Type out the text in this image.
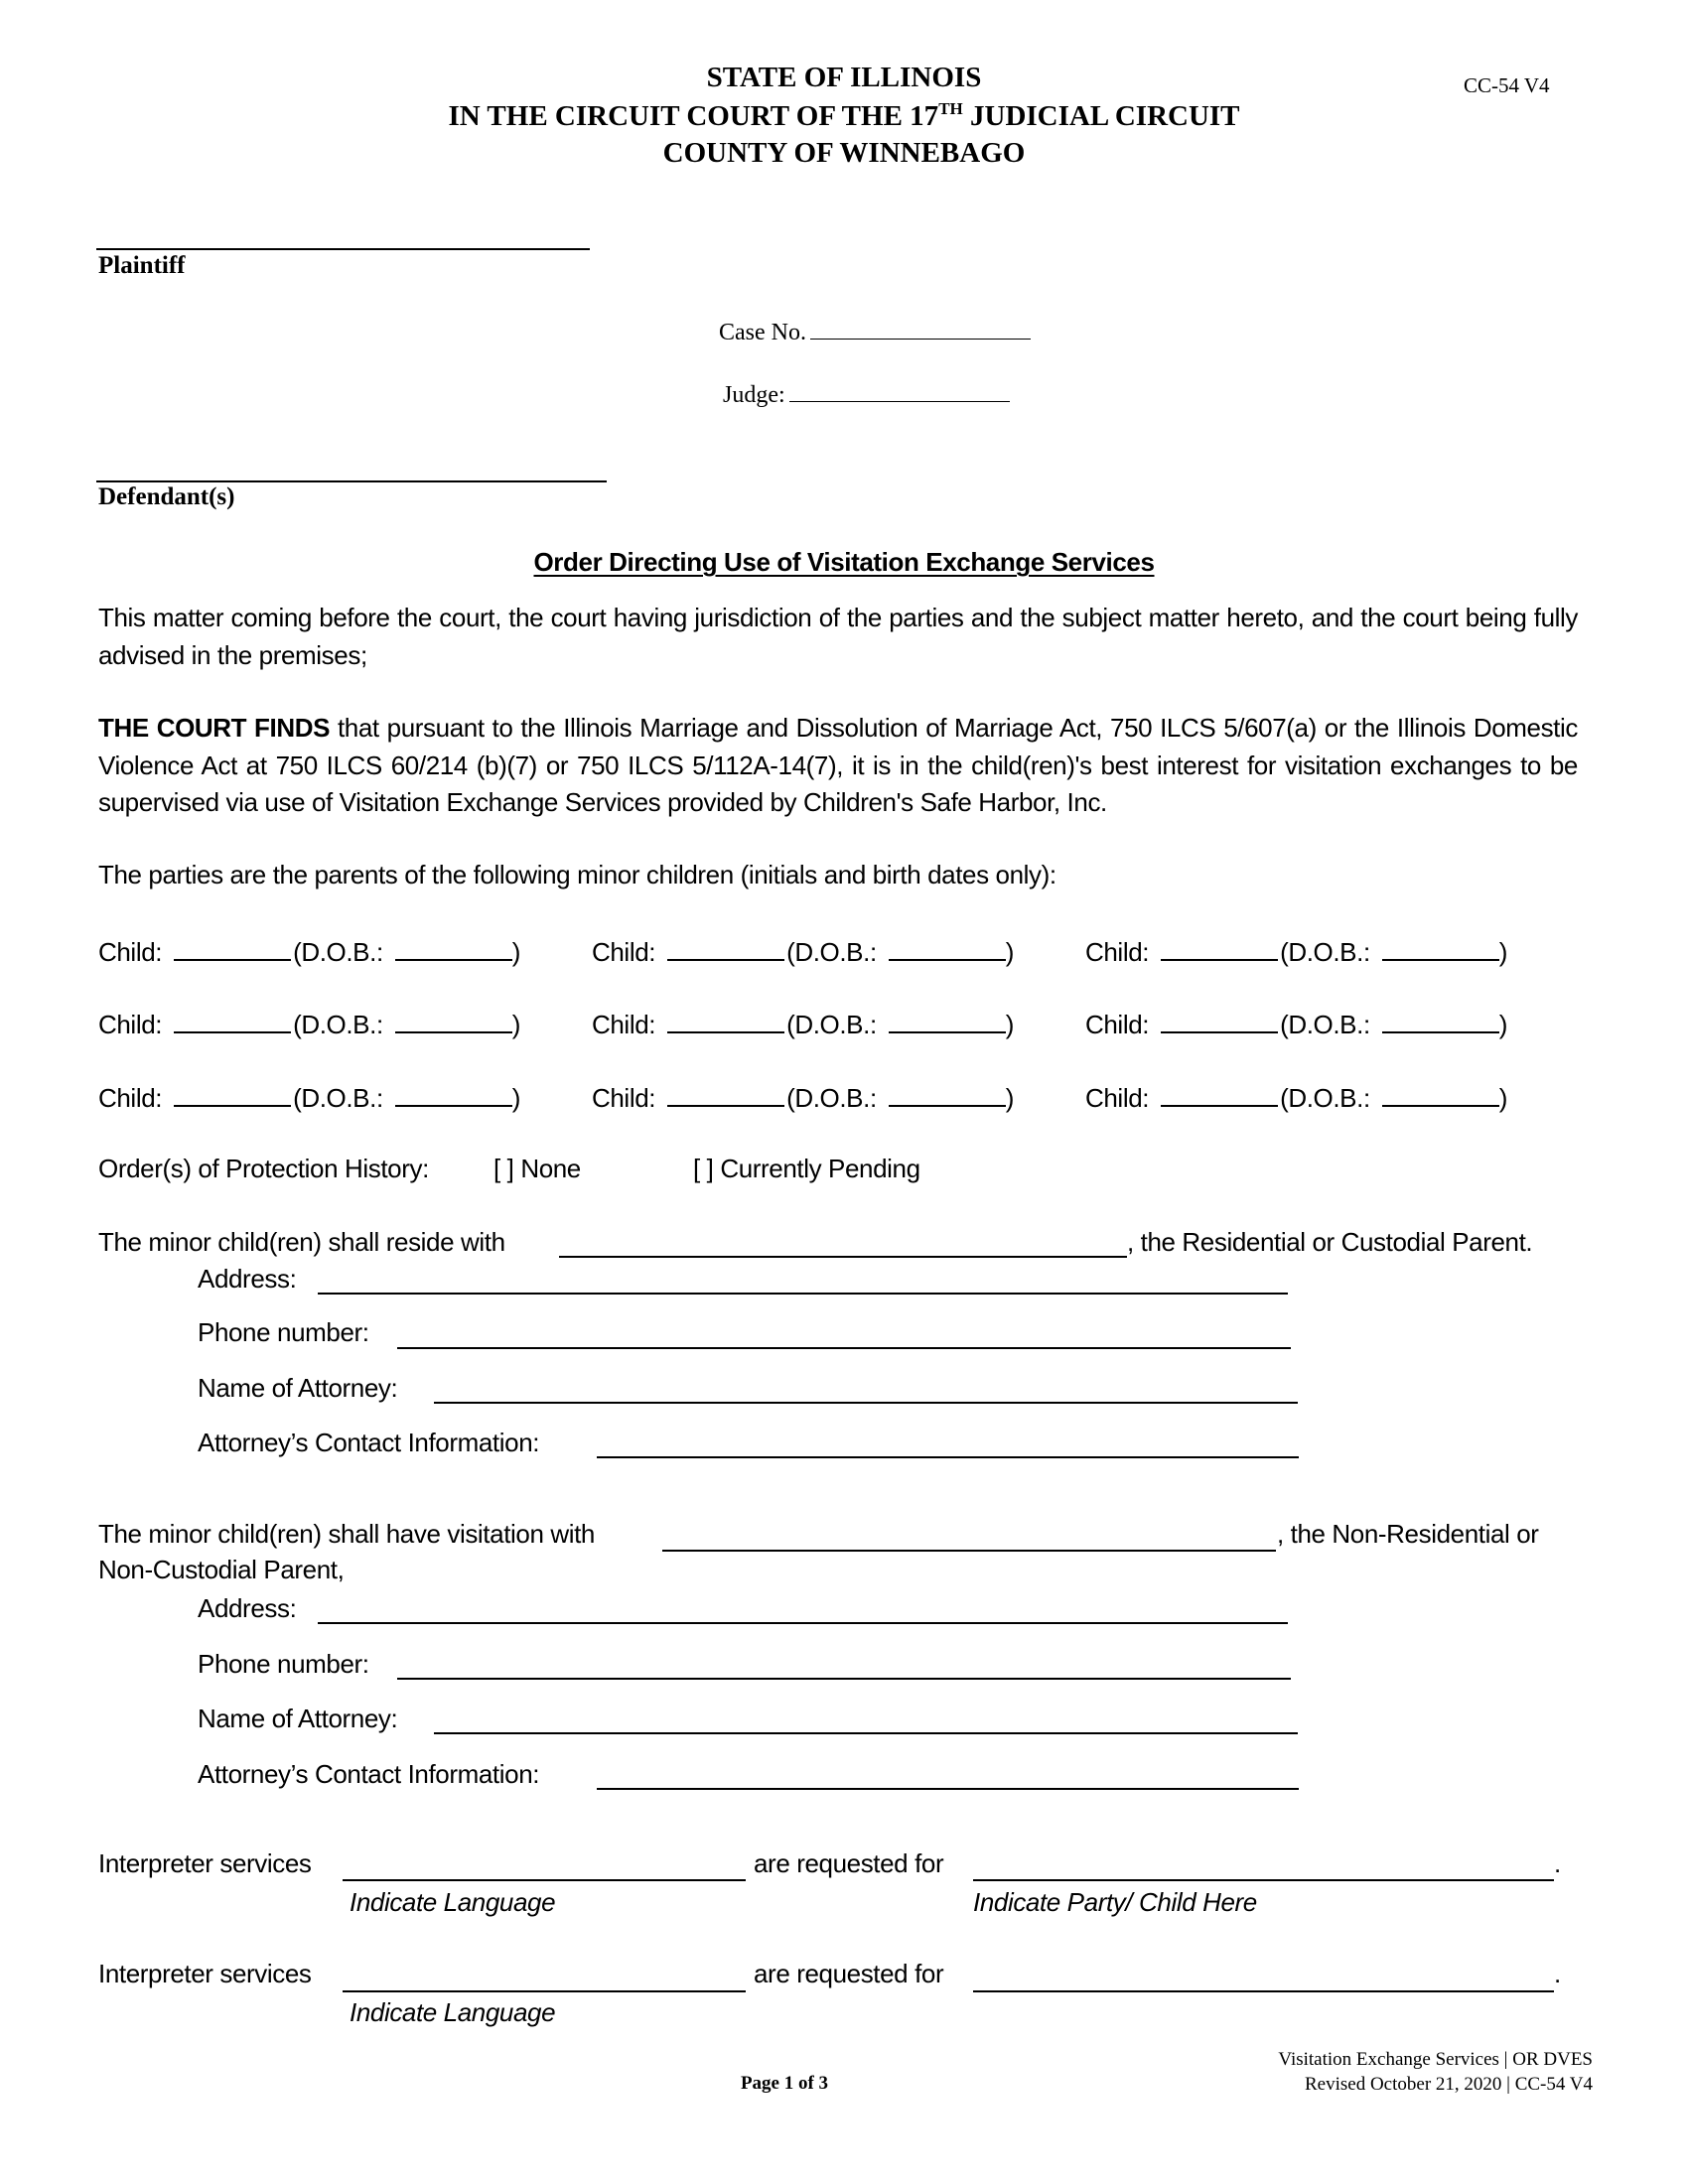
STATE OF ILLINOIS
IN THE CIRCUIT COURT OF THE 17TH JUDICIAL CIRCUIT
COUNTY OF WINNEBAGO
CC-54 V4
Plaintiff
Case No.
Judge:
Defendant(s)
Order Directing Use of Visitation Exchange Services
This matter coming before the court, the court having jurisdiction of the parties and the subject matter hereto, and the court being fully advised in the premises;
THE COURT FINDS that pursuant to the Illinois Marriage and Dissolution of Marriage Act, 750 ILCS 5/607(a) or the Illinois Domestic Violence Act at 750 ILCS 60/214 (b)(7) or 750 ILCS 5/112A-14(7), it is in the child(ren)'s best interest for visitation exchanges to be supervised via use of Visitation Exchange Services provided by Children's Safe Harbor, Inc.
The parties are the parents of the following minor children (initials and birth dates only):
Child:	(D.O.B.:	)	Child:	(D.O.B.:	)	Child:	(D.O.B.:	)
Child:	(D.O.B.:	)	Child:	(D.O.B.:	)	Child:	(D.O.B.:	)
Child:	(D.O.B.:	)	Child:	(D.O.B.:	)	Child:	(D.O.B.:	)
Order(s) of Protection History:	[ ] None	[ ] Currently Pending
The minor child(ren) shall reside with	, the Residential or Custodial Parent.
Address:
Phone number:
Name of Attorney:
Attorney’s Contact Information:
The minor child(ren) shall have visitation with	, the Non-Residential or
Non-Custodial Parent,
Address:
Phone number:
Name of Attorney:
Attorney’s Contact Information:
Interpreter services	are requested for	.
Indicate Language	Indicate Party/ Child Here
Interpreter services	are requested for	.
Indicate Language
Page 1 of 3
Visitation Exchange Services | OR DVES
Revised October 21, 2020 | CC-54 V4
